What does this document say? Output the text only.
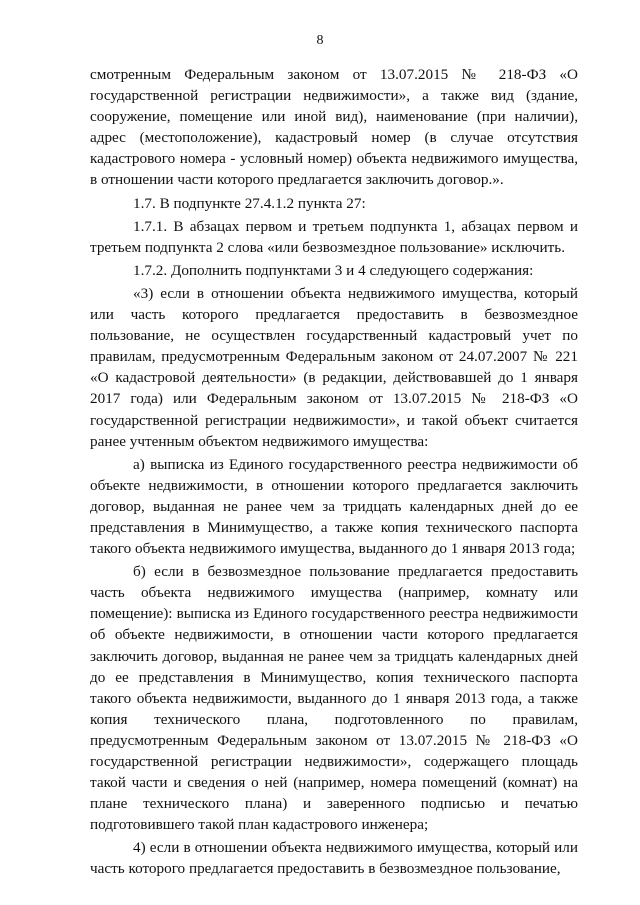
8

смотренным Федеральным законом от 13.07.2015 № 218-ФЗ «О государственной регистрации недвижимости», а также вид (здание, сооружение, помещение или иной вид), наименование (при наличии), адрес (местоположение), кадастровый номер (в случае отсутствия кадастрового номера - условный номер) объекта недвижимого имущества, в отношении части которого предлагается заключить договор.».

1.7. В подпункте 27.4.1.2 пункта 27:

1.7.1. В абзацах первом и третьем подпункта 1, абзацах первом и третьем подпункта 2 слова «или безвозмездное пользование» исключить.

1.7.2. Дополнить подпунктами 3 и 4 следующего содержания:

«3) если в отношении объекта недвижимого имущества, который или часть которого предлагается предоставить в безвозмездное пользование, не осуществлен государственный кадастровый учет по правилам, предусмотренным Федеральным законом от 24.07.2007 № 221 «О кадастровой деятельности» (в редакции, действовавшей до 1 января 2017 года) или Федеральным законом от 13.07.2015 № 218-ФЗ «О государственной регистрации недвижимости», и такой объект считается ранее учтенным объектом недвижимого имущества:

а) выписка из Единого государственного реестра недвижимости об объекте недвижимости, в отношении которого предлагается заключить договор, выданная не ранее чем за тридцать календарных дней до ее представления в Минимущество, а также копия технического паспорта такого объекта недвижимого имущества, выданного до 1 января 2013 года;

б) если в безвозмездное пользование предлагается предоставить часть объекта недвижимого имущества (например, комнату или помещение): выписка из Единого государственного реестра недвижимости об объекте недвижимости, в отношении части которого предлагается заключить договор, выданная не ранее чем за тридцать календарных дней до ее представления в Минимущество, копия технического паспорта такого объекта недвижимости, выданного до 1 января 2013 года, а также копия технического плана, подготовленного по правилам, предусмотренным Федеральным законом от 13.07.2015 № 218-ФЗ «О государственной регистрации недвижимости», содержащего площадь такой части и сведения о ней (например, номера помещений (комнат) на плане технического плана) и заверенного подписью и печатью подготовившего такой план кадастрового инженера;

4) если в отношении объекта недвижимого имущества, который или часть которого предлагается предоставить в безвозмездное пользование,
